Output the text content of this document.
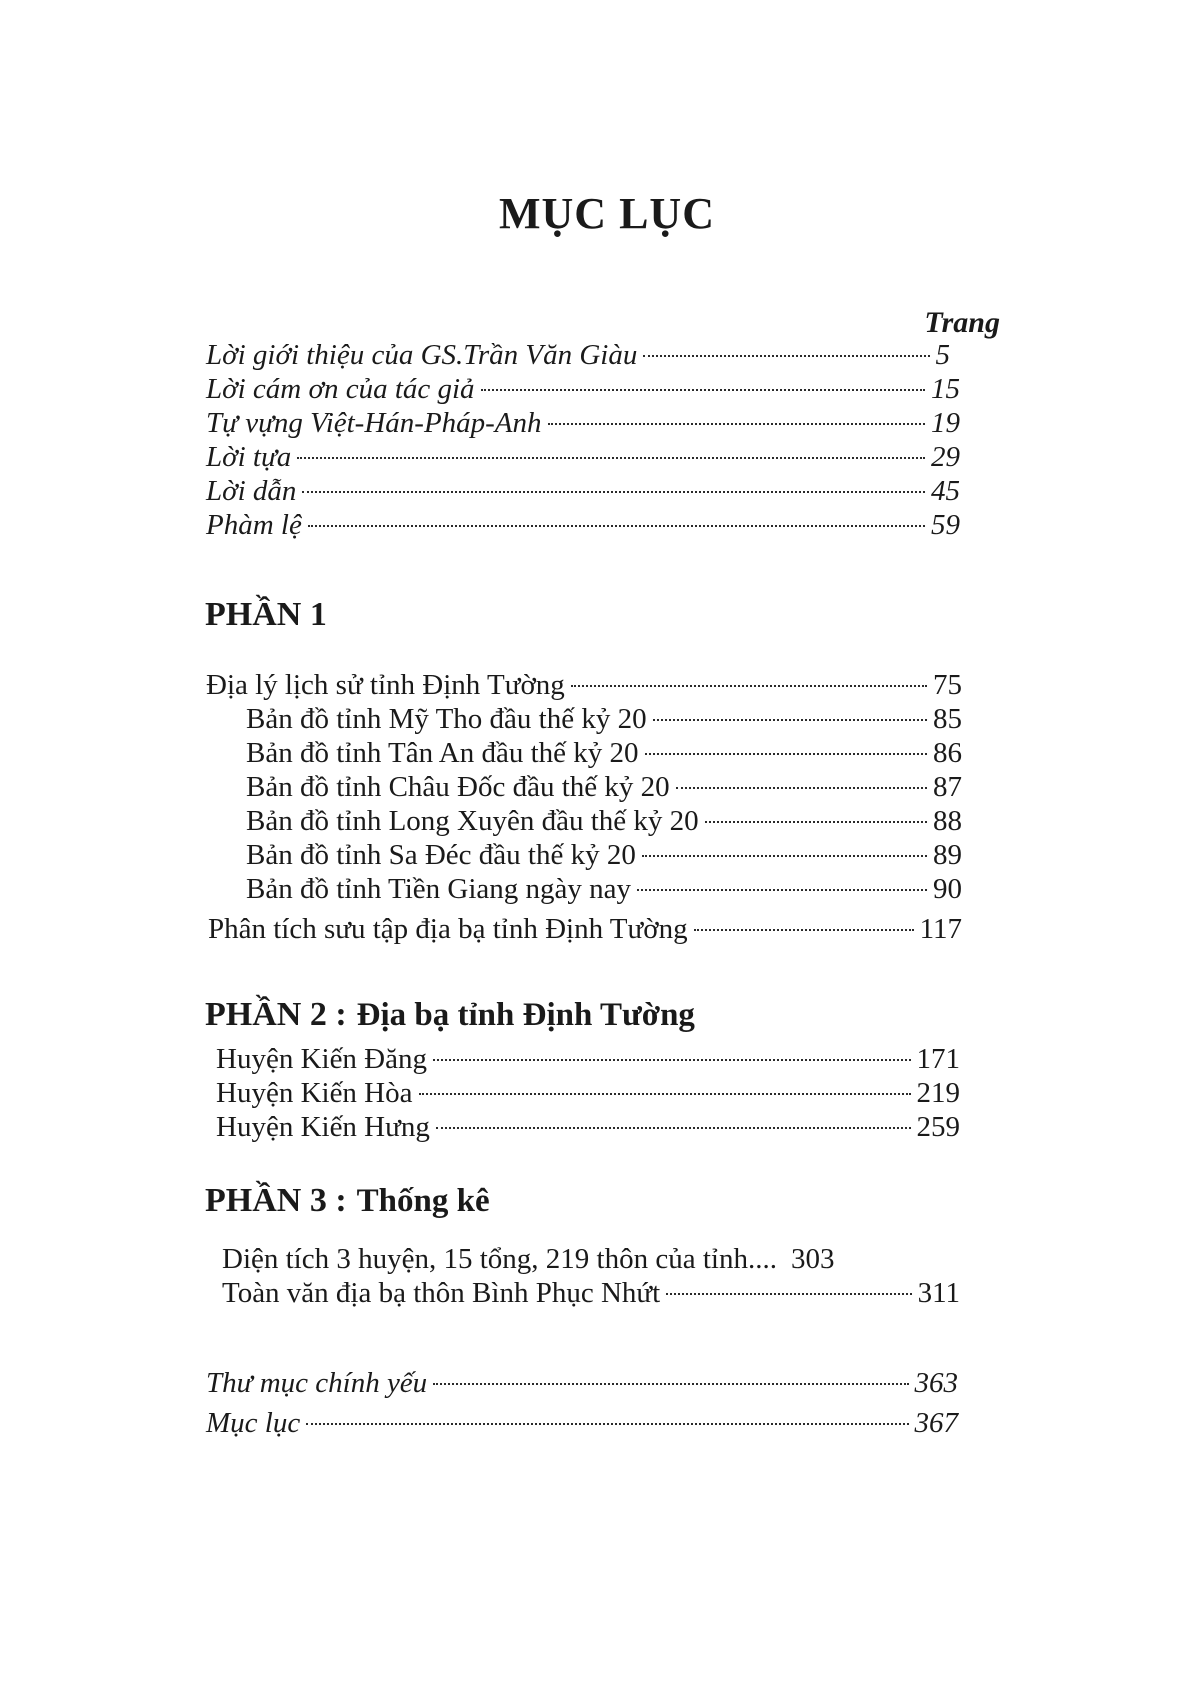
MỤC LỤC
Trang
Lời giới thiệu của GS.Trần Văn Giàu	5
Lời cám ơn của tác giả	15
Tự vựng Việt-Hán-Pháp-Anh	19
Lời tựa	29
Lời dẫn	45
Phàm lệ	59
PHẦN 1
Địa lý lịch sử tỉnh Định Tường	75
Bản đồ tỉnh Mỹ Tho đầu thế kỷ 20	85
Bản đồ tỉnh Tân An đầu thế kỷ 20	86
Bản đồ tỉnh Châu Đốc đầu thế kỷ 20	87
Bản đồ tỉnh Long Xuyên đầu thế kỷ 20	88
Bản đồ tỉnh Sa Đéc đầu thế kỷ 20	89
Bản đồ tỉnh Tiền Giang ngày nay	90
Phân tích sưu tập địa bạ tỉnh Định Tường	117
PHẦN 2 : Địa bạ tỉnh Định Tường
Huyện Kiến Đăng	171
Huyện Kiến Hòa	219
Huyện Kiến Hưng	259
PHẦN 3 : Thống kê
Diện tích 3 huyện, 15 tổng, 219 thôn của tỉnh.... 303
Toàn văn địa bạ thôn Bình Phục Nhứt	311
Thư mục chính yếu	363
Mục lục	367
